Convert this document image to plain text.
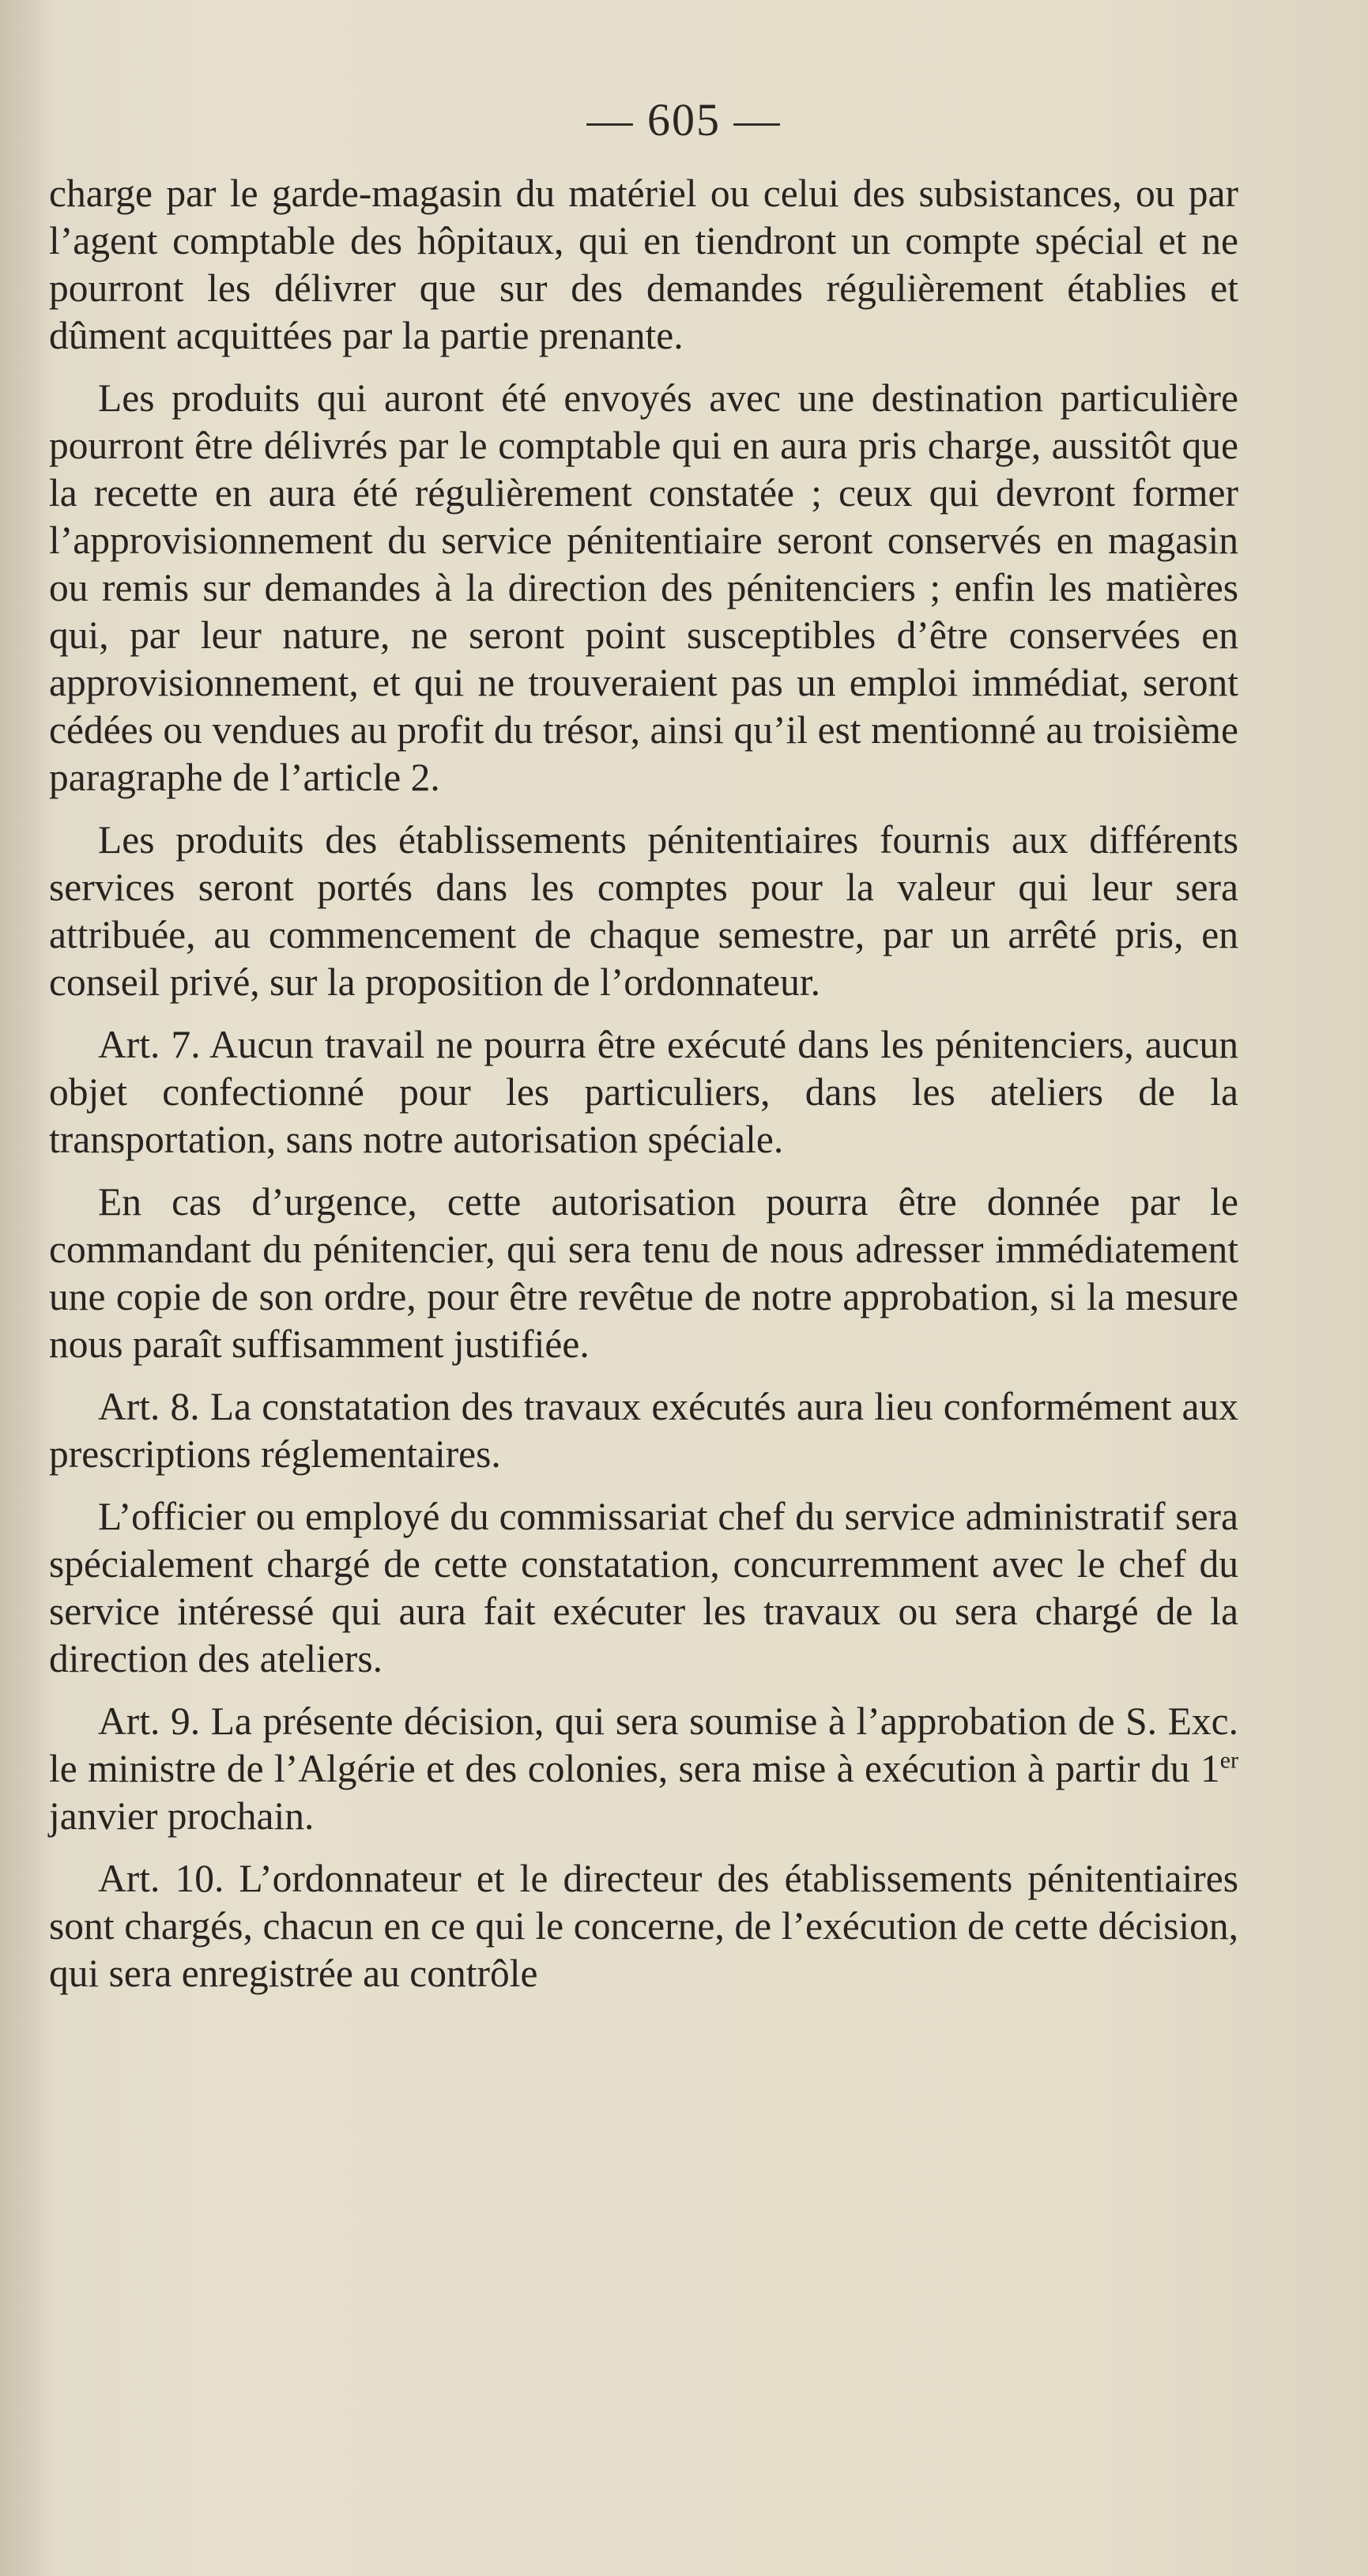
— 605 —

charge par le garde-magasin du matériel ou celui des subsistances, ou par l’agent comptable des hôpitaux, qui en tiendront un compte spécial et ne pourront les délivrer que sur des demandes régulièrement établies et dûment acquittées par la partie prenante.

Les produits qui auront été envoyés avec une destination particulière pourront être délivrés par le comptable qui en aura pris charge, aussitôt que la recette en aura été régulièrement constatée ; ceux qui devront former l’approvisionnement du service pénitentiaire seront conservés en magasin ou remis sur demandes à la direction des pénitenciers ; enfin les matières qui, par leur nature, ne seront point susceptibles d’être conservées en approvisionnement, et qui ne trouveraient pas un emploi immédiat, seront cédées ou vendues au profit du trésor, ainsi qu’il est mentionné au troisième paragraphe de l’article 2.

Les produits des établissements pénitentiaires fournis aux différents services seront portés dans les comptes pour la valeur qui leur sera attribuée, au commencement de chaque semestre, par un arrêté pris, en conseil privé, sur la proposition de l’ordonnateur.

Art. 7. Aucun travail ne pourra être exécuté dans les pénitenciers, aucun objet confectionné pour les particuliers, dans les ateliers de la transportation, sans notre autorisation spéciale.

En cas d’urgence, cette autorisation pourra être donnée par le commandant du pénitencier, qui sera tenu de nous adresser immédiatement une copie de son ordre, pour être revêtue de notre approbation, si la mesure nous paraît suffisamment justifiée.

Art. 8. La constatation des travaux exécutés aura lieu conformément aux prescriptions réglementaires.

L’officier ou employé du commissariat chef du service administratif sera spécialement chargé de cette constatation, concurremment avec le chef du service intéressé qui aura fait exécuter les travaux ou sera chargé de la direction des ateliers.

Art. 9. La présente décision, qui sera soumise à l’approbation de S. Exc. le ministre de l’Algérie et des colonies, sera mise à exécution à partir du 1er janvier prochain.

Art. 10. L’ordonnateur et le directeur des établissements pénitentiaires sont chargés, chacun en ce qui le concerne, de l’exécution de cette décision, qui sera enregistrée au contrôle
